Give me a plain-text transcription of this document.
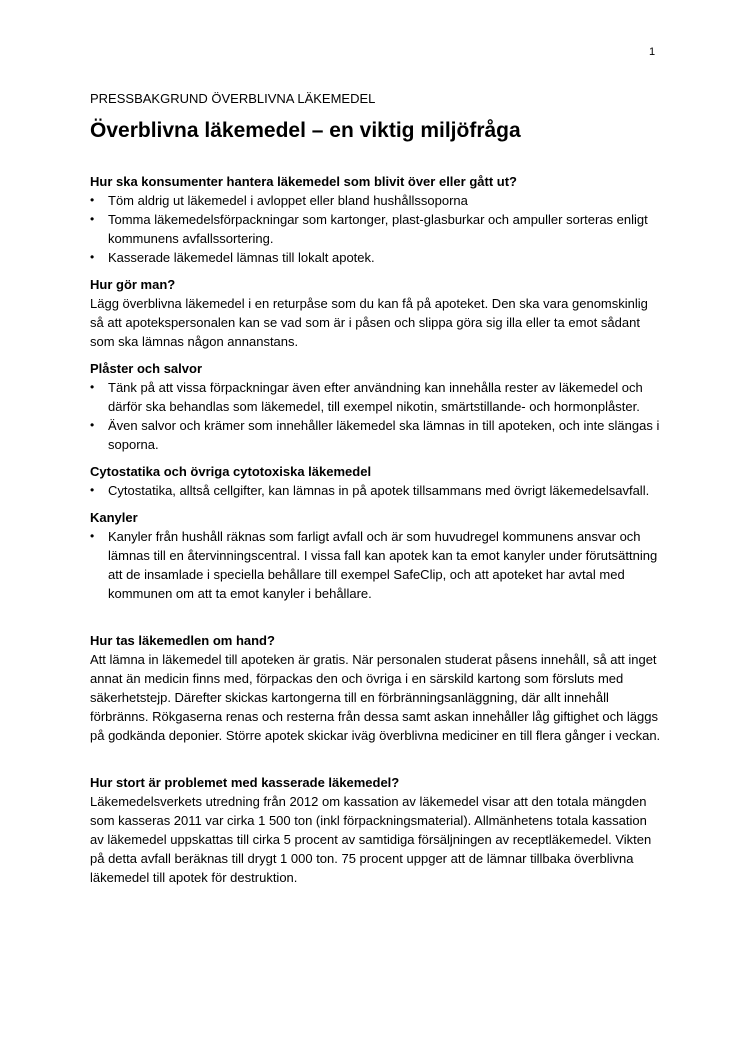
1

PRESSBAKGRUND ÖVERBLIVNA LÄKEMEDEL

Överblivna läkemedel – en viktig miljöfråga

Hur ska konsumenter hantera läkemedel som blivit över eller gått ut?

• Töm aldrig ut läkemedel i avloppet eller bland hushållssoporna
• Tomma läkemedelsförpackningar som kartonger, plast-glasburkar och ampuller sorteras enligt kommunens avfallssortering.
• Kasserade läkemedel lämnas till lokalt apotek.

Hur gör man?

Lägg överblivna läkemedel i en returpåse som du kan få på apoteket. Den ska vara genomskinlig så att apotekspersonalen kan se vad som är i påsen och slippa göra sig illa eller ta emot sådant som ska lämnas någon annanstans.

Plåster och salvor

• Tänk på att vissa förpackningar även efter användning kan innehålla rester av läkemedel och därför ska behandlas som läkemedel, till exempel nikotin, smärtstillande- och hormonplåster.
• Även salvor och krämer som innehåller läkemedel ska lämnas in till apoteken, och inte slängas i soporna.

Cytostatika och övriga cytotoxiska läkemedel

• Cytostatika, alltså cellgifter, kan lämnas in på apotek tillsammans med övrigt läkemedelsavfall.

Kanyler

• Kanyler från hushåll räknas som farligt avfall och är som huvudregel kommunens ansvar och lämnas till en återvinningscentral. I vissa fall kan apotek kan ta emot kanyler under förutsättning att de insamlade i speciella behållare till exempel SafeClip, och att apoteket har avtal med kommunen om att ta emot kanyler i behållare.

Hur tas läkemedlen om hand?

Att lämna in läkemedel till apoteken är gratis. När personalen studerat påsens innehåll, så att inget annat än medicin finns med, förpackas den och övriga i en särskild kartong som försluts med säkerhetstejp. Därefter skickas kartongerna till en förbränningsanläggning, där allt innehåll förbränns. Rökgaserna renas och resterna från dessa samt askan innehåller låg giftighet och läggs på godkända deponier. Större apotek skickar iväg överblivna mediciner en till flera gånger i veckan.

Hur stort är problemet med kasserade läkemedel?

Läkemedelsverkets utredning från 2012 om kassation av läkemedel visar att den totala mängden som kasseras 2011 var cirka 1 500 ton (inkl förpackningsmaterial). Allmänhetens totala kassation av läkemedel uppskattas till cirka 5 procent av samtidiga försäljningen av receptläkemedel. Vikten på detta avfall beräknas till drygt 1 000 ton. 75 procent uppger att de lämnar tillbaka överblivna läkemedel till apotek för destruktion.
